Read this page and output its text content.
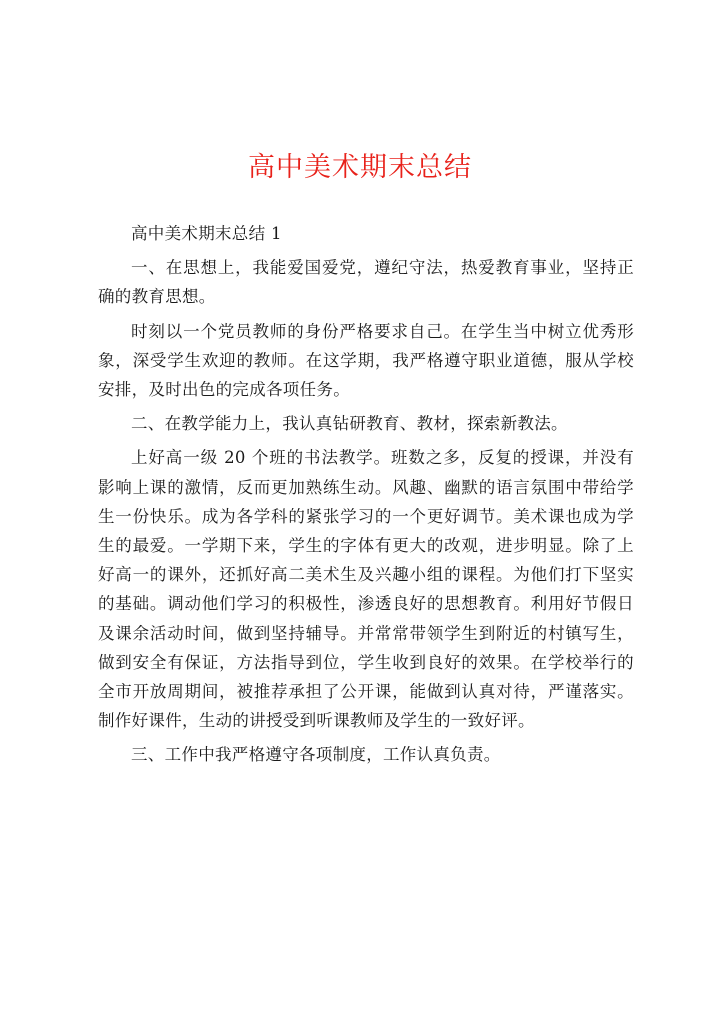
高中美术期末总结

高中美术期末总结 1

一、在思想上，我能爱国爱党，遵纪守法，热爱教育事业，坚持正确的教育思想。

时刻以一个党员教师的身份严格要求自己。在学生当中树立优秀形象，深受学生欢迎的教师。在这学期，我严格遵守职业道德，服从学校安排，及时出色的完成各项任务。

二、在教学能力上，我认真钻研教育、教材，探索新教法。

上好高一级 20 个班的书法教学。班数之多，反复的授课，并没有影响上课的激情，反而更加熟练生动。风趣、幽默的语言氛围中带给学生一份快乐。成为各学科的紧张学习的一个更好调节。美术课也成为学生的最爱。一学期下来，学生的字体有更大的改观，进步明显。除了上好高一的课外，还抓好高二美术生及兴趣小组的课程。为他们打下坚实的基础。调动他们学习的积极性，渗透良好的思想教育。利用好节假日及课余活动时间，做到坚持辅导。并常常带领学生到附近的村镇写生，做到安全有保证，方法指导到位，学生收到良好的效果。在学校举行的全市开放周期间，被推荐承担了公开课，能做到认真对待，严谨落实。制作好课件，生动的讲授受到听课教师及学生的一致好评。

三、工作中我严格遵守各项制度，工作认真负责。
